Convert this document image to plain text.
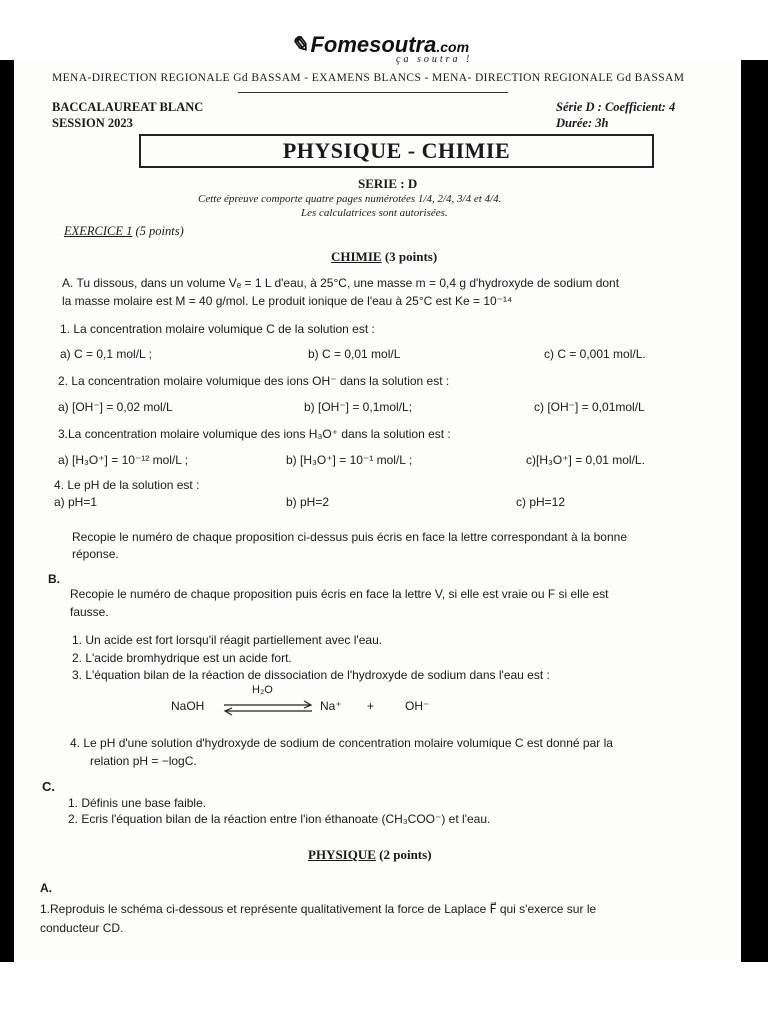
✎Fomesoutra.com
ça soutra !
MENA-DIRECTION REGIONALE Gd BASSAM - EXAMENS BLANCS - MENA- DIRECTION REGIONALE Gd BASSAM
BACCALAUREAT BLANC
SESSION 2023
Série D : Coefficient: 4
Durée: 3h
PHYSIQUE - CHIMIE
SERIE : D
Cette épreuve comporte quatre pages numérotées 1/4, 2/4, 3/4 et 4/4.
Les calculatrices sont autorisées.
EXERCICE 1 (5 points)
CHIMIE (3 points)
A. Tu dissous, dans un volume Vₑ = 1 L d'eau, à 25°C, une masse m = 0,4 g d'hydroxyde de sodium dont
la masse molaire est M = 40 g/mol. Le produit ionique de l'eau à 25°C est Ke = 10⁻¹⁴
1. La concentration molaire volumique C de la solution est :
a) C = 0,1 mol/L ;	b) C = 0,01 mol/L	c) C = 0,001 mol/L.
2. La concentration molaire volumique des ions OH⁻ dans la solution est :
a) [OH⁻] = 0,02 mol/L	b) [OH⁻] = 0,1mol/L;	c) [OH⁻] = 0,01mol/L
3.La concentration molaire volumique des ions H₃O⁺ dans la solution est :
a) [H₃O⁺] = 10⁻¹² mol/L ;	b) [H₃O⁺] = 10⁻¹ mol/L ;	c)[H₃O⁺] = 0,01 mol/L.
4. Le pH de la solution est :
a) pH=1	b) pH=2	c) pH=12
Recopie le numéro de chaque proposition ci-dessus puis écris en face la lettre correspondant à la bonne
réponse.
B.
Recopie le numéro de chaque proposition puis écris en face la lettre V, si elle est vraie ou F si elle est
fausse.
1. Un acide est fort lorsqu'il réagit partiellement avec l'eau.
2. L'acide bromhydrique est un acide fort.
3. L'équation bilan de la réaction de dissociation de l'hydroxyde de sodium dans l'eau est :
NaOH
H₂O
Na⁺ +	OH⁻
4. Le pH d'une solution d'hydroxyde de sodium de concentration molaire volumique C est donné par la
relation pH = −logC.
C.
1. Définis une base faible.
2. Ecris l'équation bilan de la réaction entre l'ion éthanoate (CH₃COO⁻) et l'eau.
PHYSIQUE (2 points)
A.
1.Reproduis le schéma ci-dessous et représente qualitativement la force de Laplace F⃗ qui s'exerce sur le
conducteur CD.
